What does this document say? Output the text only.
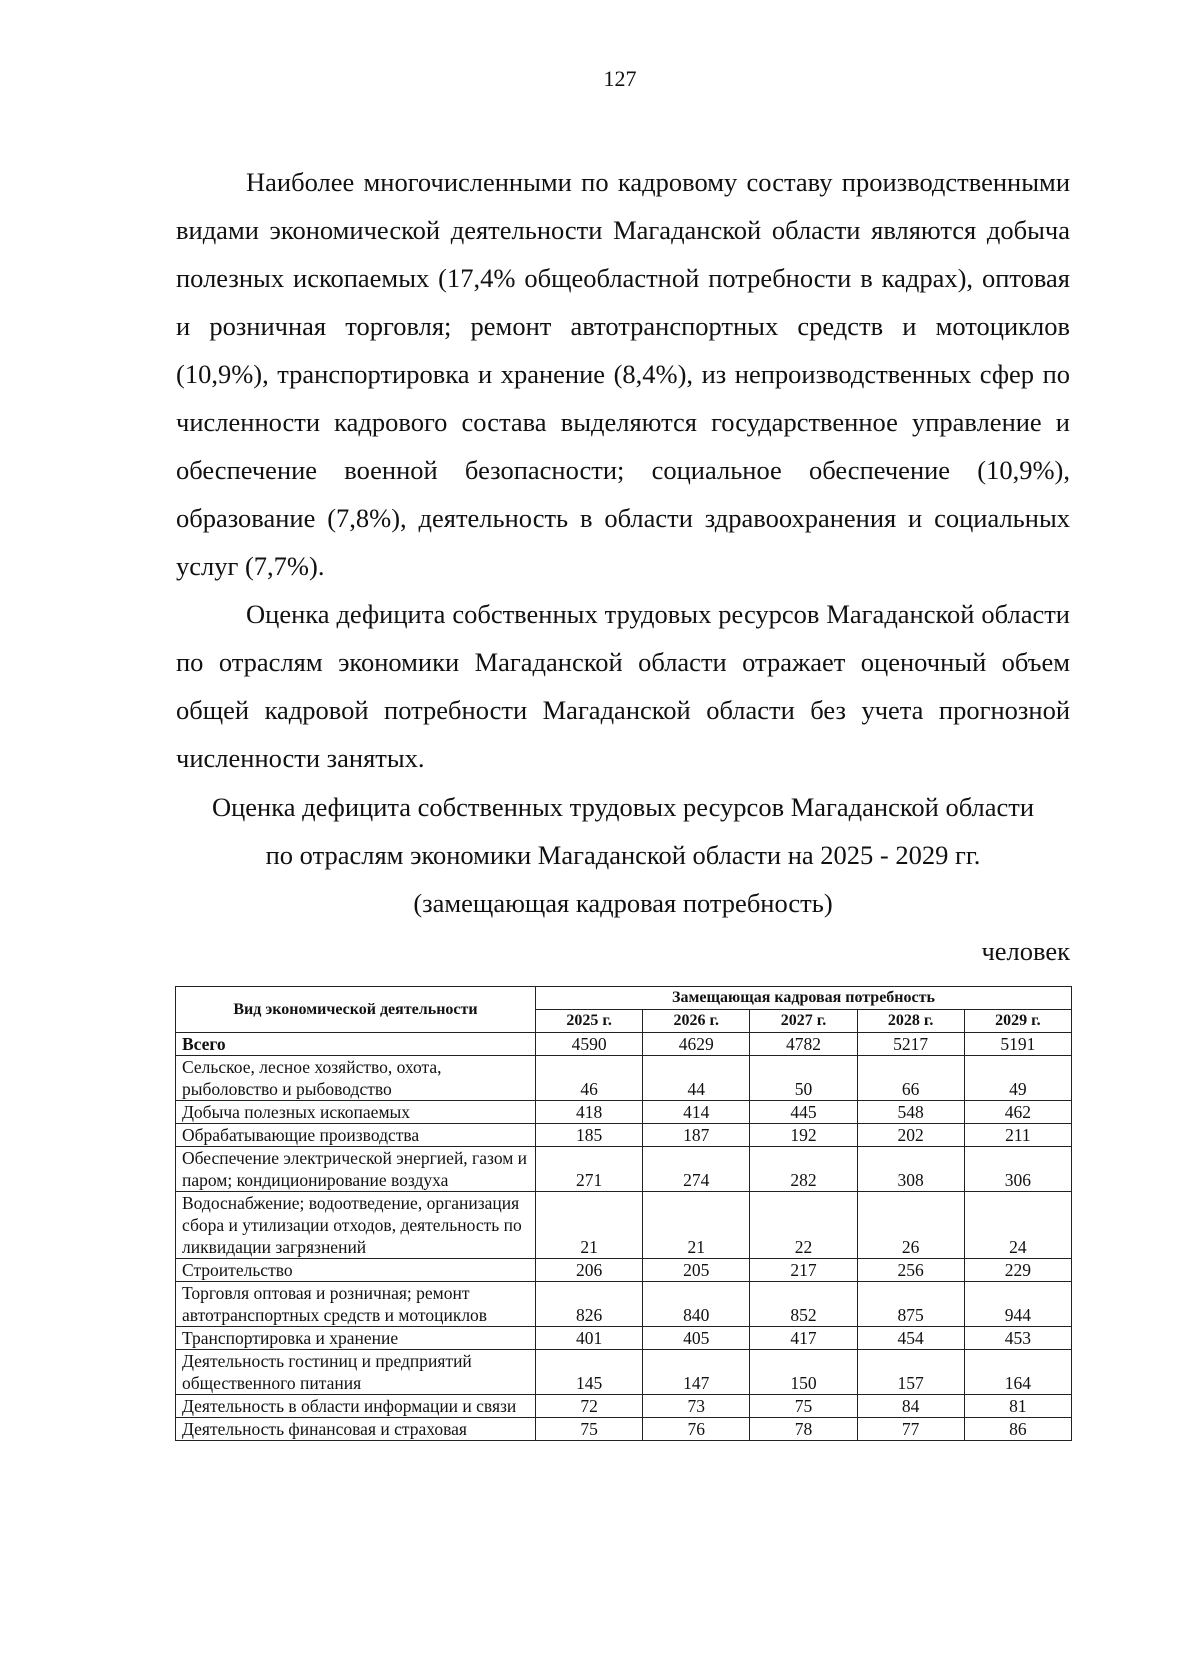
127

Наиболее многочисленными по кадровому составу производственными видами экономической деятельности Магаданской области являются добыча полезных ископаемых (17,4% общеобластной потребности в кадрах), оптовая и розничная торговля; ремонт автотранспортных средств и мотоциклов (10,9%), транспортировка и хранение (8,4%), из непроизводственных сфер по численности кадрового состава выделяются государственное управление и обеспечение военной безопасности; социальное обеспечение (10,9%), образование (7,8%), деятельность в области здравоохранения и социальных услуг (7,7%).

Оценка дефицита собственных трудовых ресурсов Магаданской области по отраслям экономики Магаданской области отражает оценочный объем общей кадровой потребности Магаданской области без учета прогнозной численности занятых.

Оценка дефицита собственных трудовых ресурсов Магаданской области

по отраслям экономики Магаданской области на 2025 - 2029 гг.

(замещающая кадровая потребность)

человек

Вид экономической деятельности	Замещающая кадровая потребность				
	2025 г.	2026 г.	2027 г.	2028 г.	2029 г.
Всего	4590	4629	4782	5217	5191
Сельское, лесное хозяйство, охота, рыболовство и рыбоводство	46	44	50	66	49
Добыча полезных ископаемых	418	414	445	548	462
Обрабатывающие производства	185	187	192	202	211
Обеспечение электрической энергией, газом и паром; кондиционирование воздуха	271	274	282	308	306
Водоснабжение; водоотведение, организация сбора и утилизации отходов, деятельность по ликвидации загрязнений	21	21	22	26	24
Строительство	206	205	217	256	229
Торговля оптовая и розничная; ремонт автотранспортных средств и мотоциклов	826	840	852	875	944
Транспортировка и хранение	401	405	417	454	453
Деятельность гостиниц и предприятий общественного питания	145	147	150	157	164
Деятельность в области информации и связи	72	73	75	84	81
Деятельность финансовая и страховая	75	76	78	77	86
